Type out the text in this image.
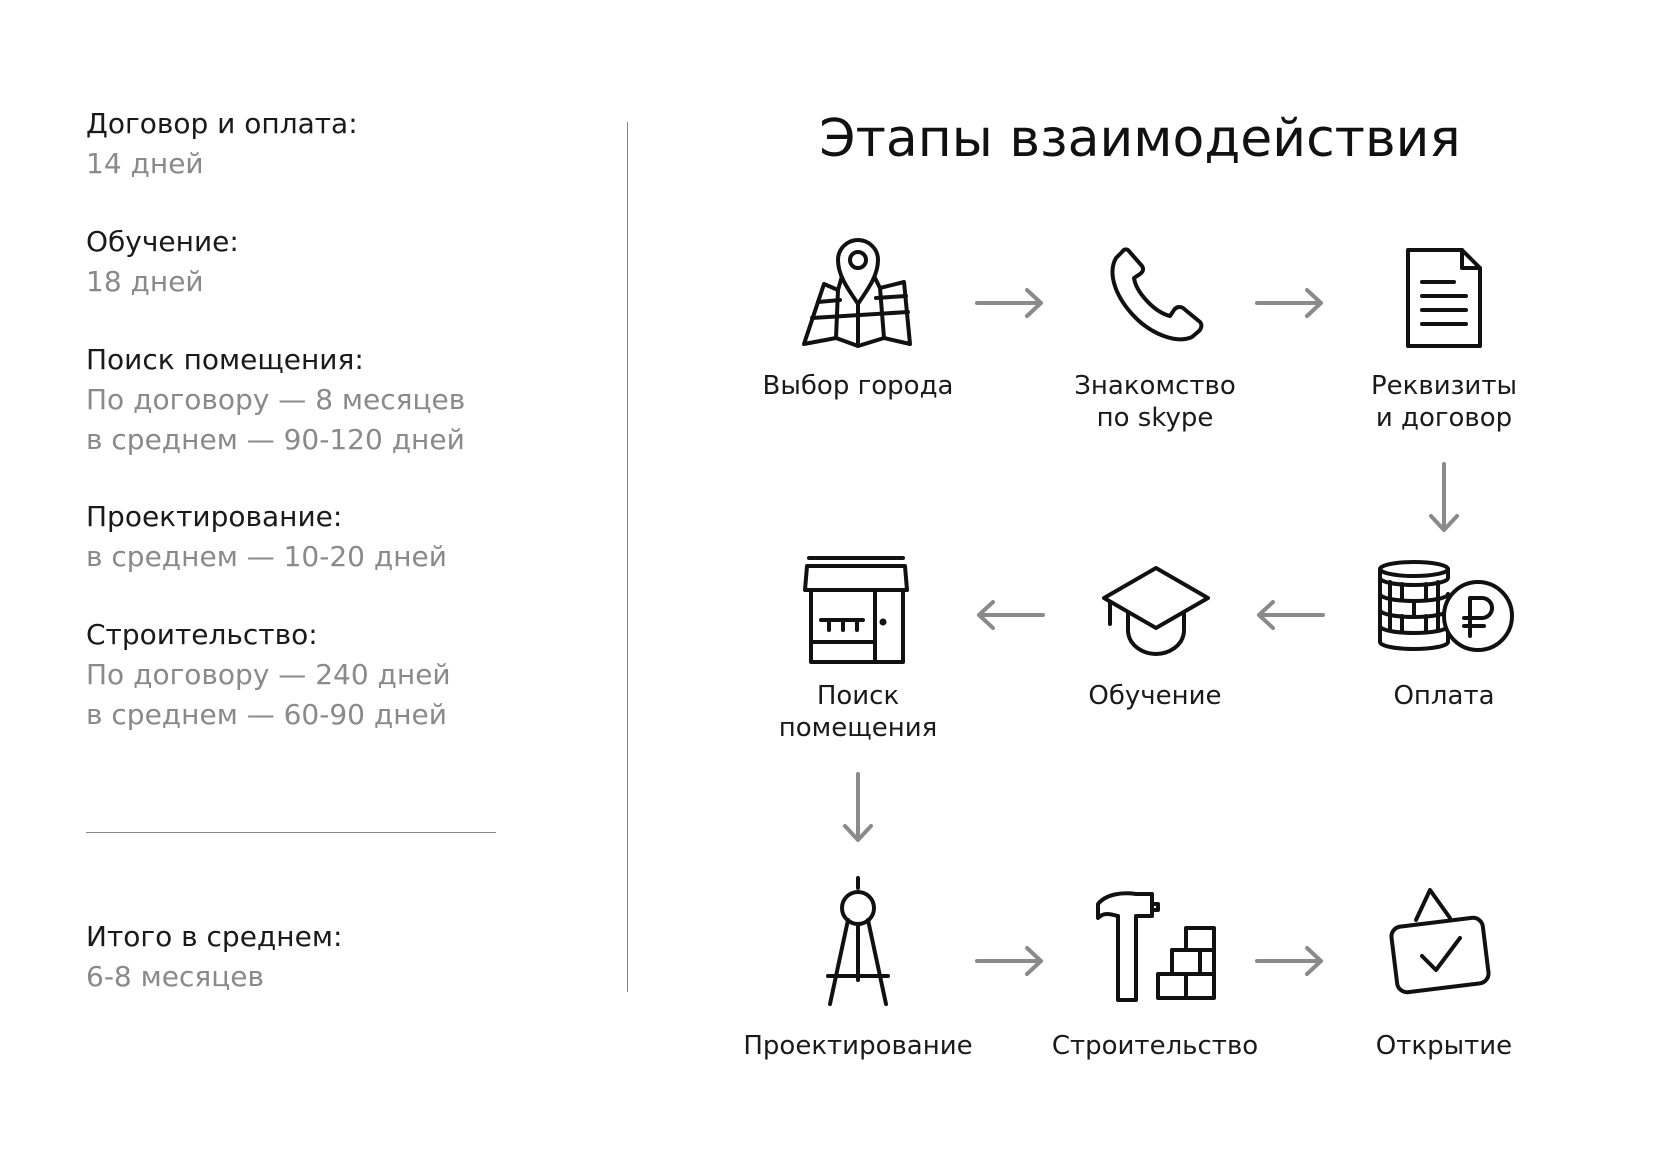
Договор и оплата:
14 дней
Обучение:
18 дней
Поиск помещения:
По договору — 8 месяцев
в среднем — 90-120 дней
Проектирование:
в среднем — 10-20 дней
Строительство:
По договору — 240 дней
в среднем — 60-90 дней
Итого в среднем:
6-8 месяцев
Этапы взаимодействия
Выбор города	Знакомство
по skype
Реквизиты
и договор
Оплата
Обучение
Поиск
помещения
Проектирование	Строительство	Открытие
